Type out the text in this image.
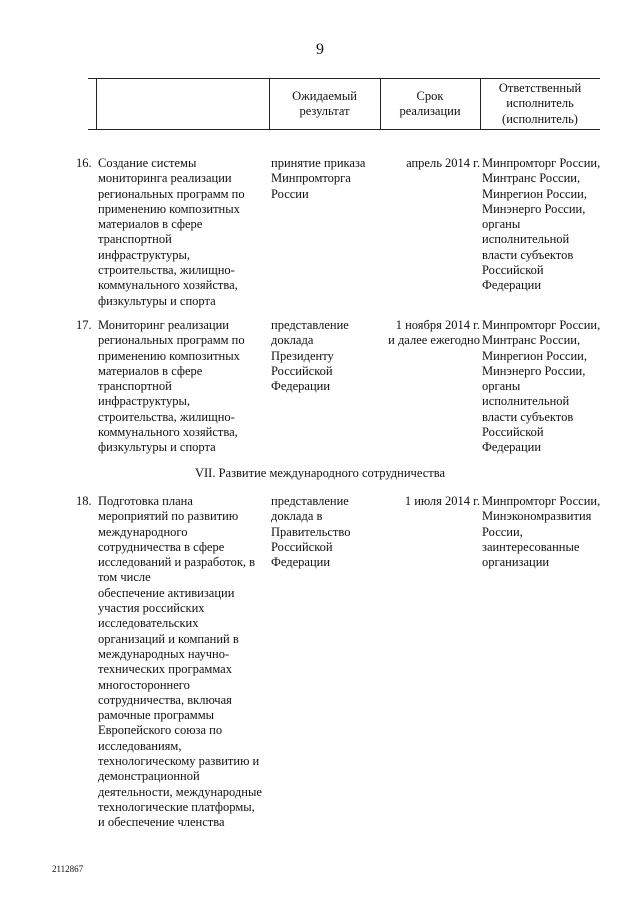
9
Ожидаемый
результат
Срок
реализации
Ответственный
исполнитель
(исполнитель)
16. Создание системы
мониторинга реализации
региональных программ по
применению композитных
материалов в сфере
транспортной
инфраструктуры,
строительства, жилищно-
коммунального хозяйства,
физкультуры и спорта
принятие приказа
Минпромторга
России
апрель 2014 г. Минпромторг России,
Минтранс России,
Минрегион России,
Минэнерго России,
органы
исполнительной
власти субъектов
Российской
Федерации
17. Мониторинг реализации
региональных программ по
применению композитных
материалов в сфере
транспортной
инфраструктуры,
строительства, жилищно-
коммунального хозяйства,
физкультуры и спорта
представление
доклада
Президенту
Российской
Федерации
1 ноября 2014 г.
и далее ежегодно
Минпромторг России,
Минтранс России,
Минрегион России,
Минэнерго России,
органы
исполнительной
власти субъектов
Российской
Федерации
VII. Развитие международного сотрудничества
18. Подготовка плана
мероприятий по развитию
международного
сотрудничества в сфере
исследований и разработок, в
том числе
обеспечение активизации
участия российских
исследовательских
организаций и компаний в
международных научно-
технических программах
многостороннего
сотрудничества, включая
рамочные программы
Европейского союза по
исследованиям,
технологическому развитию и
демонстрационной
деятельности, международные
технологические платформы,
и обеспечение членства
представление
доклада в
Правительство
Российской
Федерации
1 июля 2014 г. Минпромторг России,
Минэкономразвития
России,
заинтересованные
организации
2112867
